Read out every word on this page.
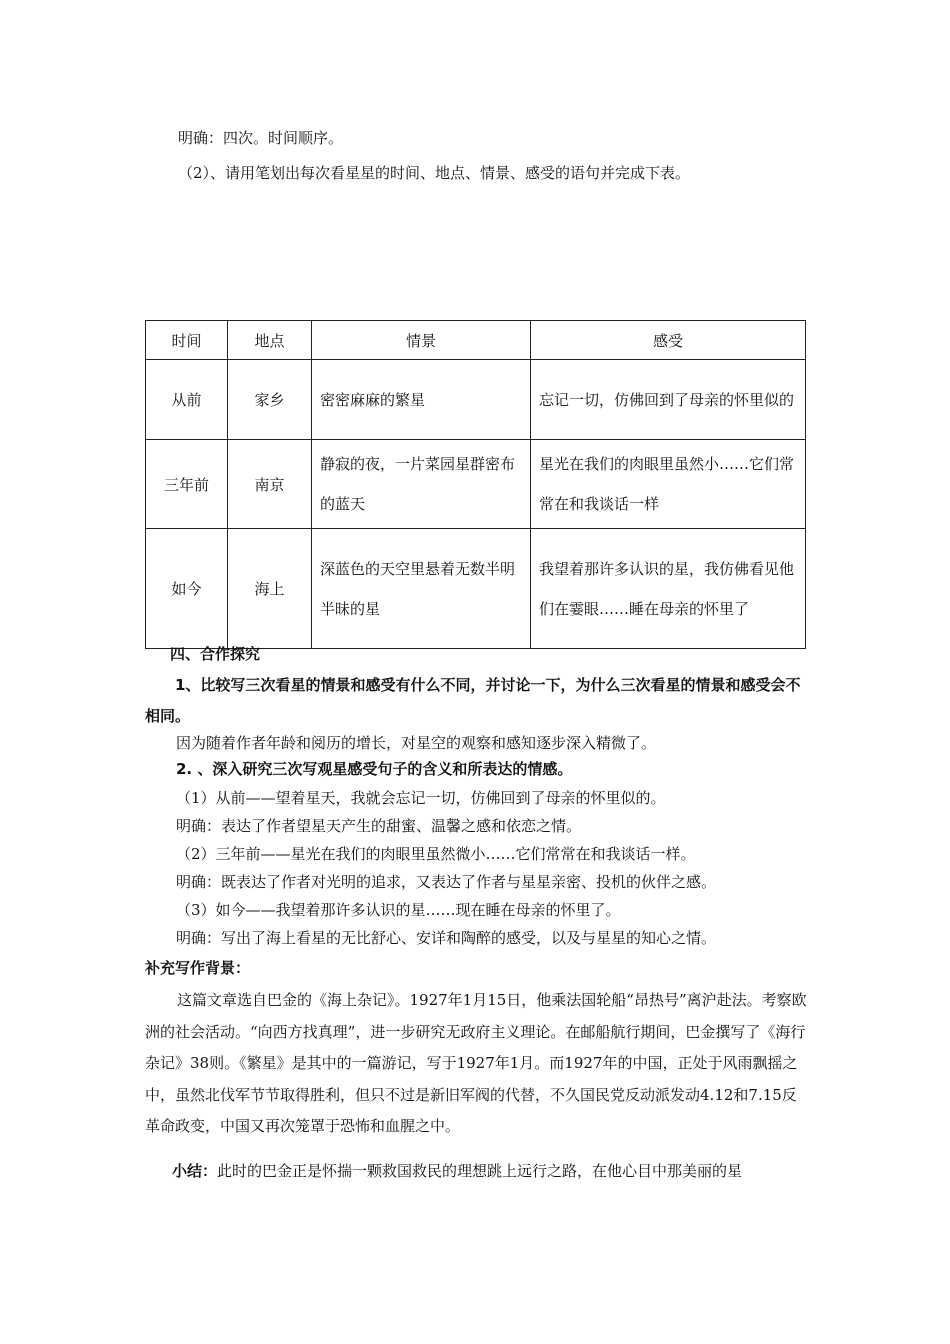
明确：四次。时间顺序。
（2）、请用笔划出每次看星星的时间、地点、情景、感受的语句并完成下表。
时间	地点	情景	感受
从前	家乡	密密麻麻的繁星	忘记一切，仿佛回到了母亲的怀里似的
三年前	南京	静寂的夜，一片菜园星群密布的蓝天	星光在我们的肉眼里虽然小……它们常常在和我谈话一样
如今	海上	深蓝色的天空里悬着无数半明半昧的星	我望着那许多认识的星，我仿佛看见他们在霎眼……睡在母亲的怀里了
四、合作探究
1、比较写三次看星的情景和感受有什么不同，并讨论一下，为什么三次看星的情景和感受会不相同。
因为随着作者年龄和阅历的增长，对星空的观察和感知逐步深入精微了。
2. 、深入研究三次写观星感受句子的含义和所表达的情感。
（1）从前——望着星天，我就会忘记一切，仿佛回到了母亲的怀里似的。
明确：表达了作者望星天产生的甜蜜、温馨之感和依恋之情。
（2）三年前——星光在我们的肉眼里虽然微小……它们常常在和我谈话一样。
明确：既表达了作者对光明的追求，又表达了作者与星星亲密、投机的伙伴之感。
（3）如今——我望着那许多认识的星……现在睡在母亲的怀里了。
明确：写出了海上看星的无比舒心、安详和陶醉的感受，以及与星星的知心之情。
补充写作背景：
这篇文章选自巴金的《海上杂记》。1927年1月15日，他乘法国轮船“昂热号”离沪赴法。考察欧洲的社会活动。“向西方找真理”，进一步研究无政府主义理论。在邮船航行期间，巴金撰写了《海行杂记》38则。《繁星》是其中的一篇游记，写于1927年1月。而1927年的中国，正处于风雨飘摇之中，虽然北伐军节节取得胜利，但只不过是新旧军阀的代替，不久国民党反动派发动4.12和7.15反革命政变，中国又再次笼罩于恐怖和血腥之中。
小结：此时的巴金正是怀揣一颗救国救民的理想跳上远行之路，在他心目中那美丽的星
